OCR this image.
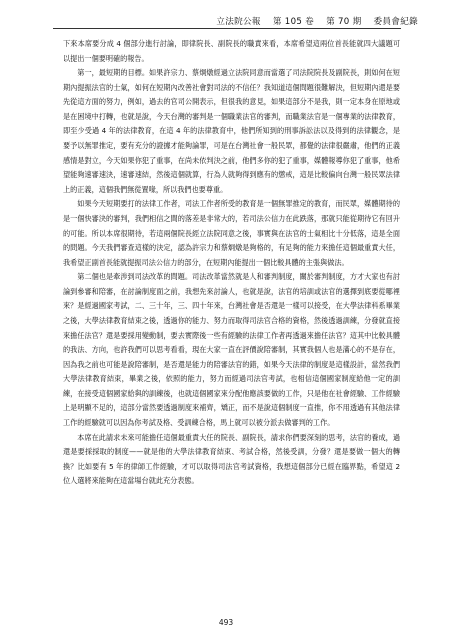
立法院公報 第 105 卷 第 70 期 委員會紀錄

下來本席要分成 4 個部分進行討論，即律院長、副院長的職責來看，本席希望這兩位首長能就四大議題可以提出一個要明確的報告。

第一，最短期的目標。如果許宗力、蔡烱燉經過立法院同意而當選了司法院院長及副院長，則如何在短期內提振法官的士氣，如何在短期內改善社會對司法的不信任？我知道這個問題很難解決，但短期內還是要先從這方面的努力，例如，過去的官司公開表示，但很我的意見，如果這部分不是我，則一定本身在原地或是在困境中打轉，也就是說，今天台灣的審判是一個職業法官的審判，而職業法官是一個專業的法律教育，即至少受過 4 年的法律教育，在這 4 年的法律教育中，他們所知到的刑事訴訟法以及得到的法律觀念，是要予以無罪推定，要有充分的證據才能夠論罪，可是在台灣社會一般民眾，都覺的法律很嚴肅，他們的正義感情是對立，今天如果你犯了重事，在尚未依判決之前，他們多你的犯了重事，媒體報導你犯了重事，他希望能夠速審速決，速審速結，然後這個就算，行為人就夠得到應有的懲戒，這是比較偏向台灣一般民眾法律上的正義，這個我們無從置喙，所以我們也要尊重。

如果今天短期要打的法律工作者，司法工作者所受的教育是一個無罪推定的教育，而民眾，媒體期待的是一個快審決的審判，我們相信之間的落差是非常大的，若司法公信力在此跌落，那就只能從期待它有回升的可能。所以本席很期待，若這兩個院長經立法院同意之後，事實與在法官的士氣相比十分低落，這是全面的問題。今天我們審查這樣的決定，認為許宗力和蔡烱燉是夠格的，有足夠的能力來擔任這個最重責大任，我希望正副首長能就提振司法公信力的部分，在短期內能提出一個比較具體的主張與做法。

第二個也是牽涉到司法改革的問題。司法改革當然就是人和審判制度，關於審判制度，方才大家也有討論到參審和陪審，在討論制度面之前，我想先來討論人，也就是說，法官的培訓或法官的選擇到底要從哪裡來？是經過國家考試，二、三十年，三、四十年來，台灣社會是否還是一樣可以接受，在大學法律科系畢業之後，大學法律教育結束之後，透過你的能力、努力而取得司法官合格的資格，然後透過訓練，分發就直接來擔任法官？還是要採用變動制，要去實際後一些有經驗的法律工作者再透過來擔任法官？這其中比較具體的我法、方向，也許我們可以思考看看，現在大家一直在評價說陪審制，其實我個人也是滿心的不是存在，因為我之前也可能是說陪審制，是否還是能力的陪審法官的錯，如果今天法律的制度是這樣設計，當然我們大學法律教育結束，畢業之後，依照的能力，努力而經過司法官考試，也相信這個國家制度給他一定的訓練，在接受這個國家給與的訓練後，也就這個國家來分配他應該要做的工作，只是他在社會經驗、工作經驗上是明顯不足的，這部分當然要透過制度來補齊，矯正，而不是說這個制度一直推，你不用透過有其他法律工作的經驗就可以因為你考試及格、受訓練合格，馬上就可以被分派去做審判的工作。

本席在此請求未來可能擔任這個最重責大任的院長、副院長，請求你們要深刻的思考，法官的養成，過還是要採採取的制度——就是他的大學法律教育結束、考試合格，然後受訓，分發？還是要做一個大的轉換？比如要有 5 年的律師工作經驗，才可以取得司法官考試資格，我想這個部分已經在臨界點，希望這 2 位人選將來能夠在這當場台就此充分表態。

493
